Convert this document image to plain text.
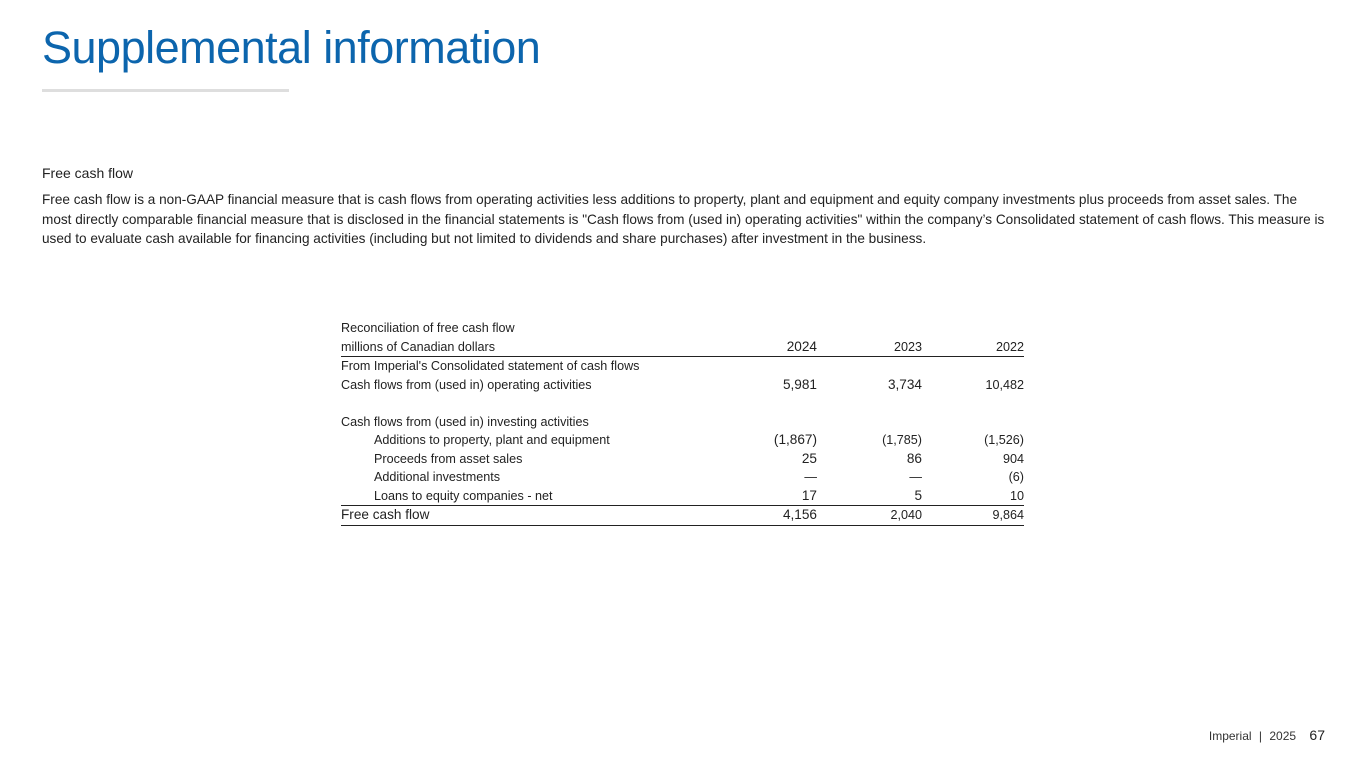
Supplemental information
Free cash flow

Free cash flow is a non-GAAP financial measure that is cash flows from operating activities less additions to property, plant and equipment and equity company investments plus proceeds from asset sales. The most directly comparable financial measure that is disclosed in the financial statements is "Cash flows from (used in) operating activities" within the company’s Consolidated statement of cash flows. This measure is used to evaluate cash available for financing activities (including but not limited to dividends and share purchases) after investment in the business.

Reconciliation of free cash flow
millions of Canadian dollars	2024	2023	2022
From Imperial's Consolidated statement of cash flows
Cash flows from (used in) operating activities	5,981	3,734	10,482
Cash flows from (used in) investing activities
Additions to property, plant and equipment	(1,867)	(1,785)	(1,526)
Proceeds from asset sales	25	86	904
Additional investments	—	—	(6)
Loans to equity companies - net	17	5	10
Free cash flow	4,156	2,040	9,864
Imperial | 2025 67
